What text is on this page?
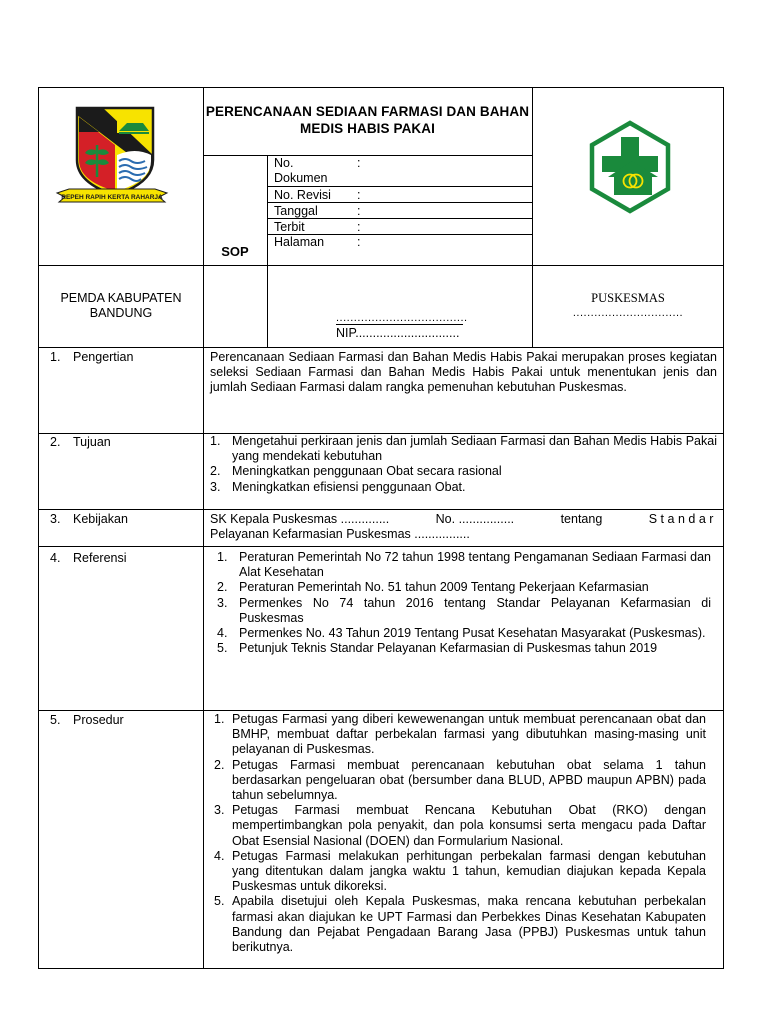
REPEH RAPIH KERTA RAHARJA
PERENCANAAN SEDIAAN FARMASI DAN BAHAN MEDIS HABIS PAKAI
SOP
No.	:
Dokumen
No. Revisi :
Tanggal	:
Terbit	:
Halaman	:
PEMDA KABUPATEN BANDUNG	.....................................
NIP..............................
PUSKESMAS
...............................
1. Pengertian	Perencanaan Sediaan Farmasi dan Bahan Medis Habis Pakai merupakan proses kegiatan seleksi Sediaan Farmasi dan Bahan Medis Habis Pakai untuk menentukan jenis dan jumlah Sediaan Farmasi dalam rangka pemenuhan kebutuhan Puskesmas.
2. Tujuan	1. Mengetahui perkiraan jenis dan jumlah Sediaan Farmasi dan Bahan Medis Habis Pakai yang mendekati kebutuhan
2. Meningkatkan penggunaan Obat secara rasional
3. Meningkatkan efisiensi penggunaan Obat.
3. Kebijakan	SK Kepala Puskesmas ..............	No. ................	tentang	Standar
Pelayanan Kefarmasian Puskesmas ................
4. Referensi	1. Peraturan Pemerintah No 72 tahun 1998 tentang Pengamanan Sediaan Farmasi dan Alat Kesehatan
2. Peraturan Pemerintah No. 51 tahun 2009 Tentang Pekerjaan Kefarmasian
3. Permenkes No 74 tahun 2016 tentang Standar Pelayanan Kefarmasian di Puskesmas
4. Permenkes No. 43 Tahun 2019 Tentang Pusat Kesehatan Masyarakat (Puskesmas).
5. Petunjuk Teknis Standar Pelayanan Kefarmasian di Puskesmas tahun 2019
5. Prosedur	1. Petugas Farmasi yang diberi kewewenangan untuk membuat perencanaan obat dan BMHP, membuat daftar perbekalan farmasi yang dibutuhkan masing-masing unit pelayanan di Puskesmas.
2. Petugas Farmasi membuat perencanaan kebutuhan obat selama 1 tahun berdasarkan pengeluaran obat (bersumber dana BLUD, APBD maupun APBN) pada tahun sebelumnya.
3. Petugas Farmasi membuat Rencana Kebutuhan Obat (RKO) dengan mempertimbangkan pola penyakit, dan pola konsumsi serta mengacu pada Daftar Obat Esensial Nasional (DOEN) dan Formularium Nasional.
4. Petugas Farmasi melakukan perhitungan perbekalan farmasi dengan kebutuhan yang ditentukan dalam jangka waktu 1 tahun, kemudian diajukan kepada Kepala Puskesmas untuk dikoreksi.
5. Apabila disetujui oleh Kepala Puskesmas, maka rencana kebutuhan perbekalan farmasi akan diajukan ke UPT Farmasi dan Perbekkes Dinas Kesehatan Kabupaten Bandung dan Pejabat Pengadaan Barang Jasa (PPBJ) Puskesmas untuk tahun berikutnya.
